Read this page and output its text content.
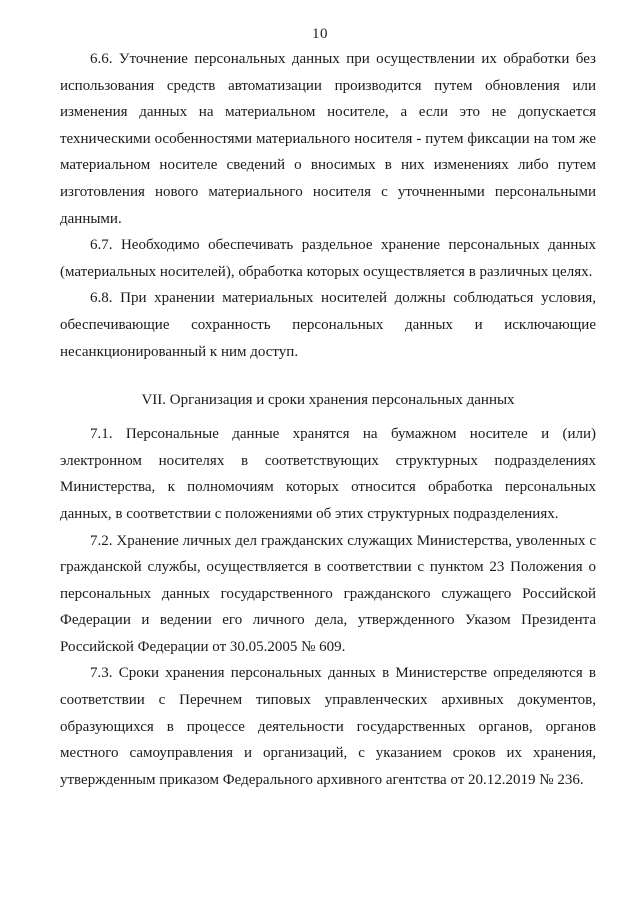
10

6.6. Уточнение персональных данных при осуществлении их обработки без использования средств автоматизации производится путем обновления или изменения данных на материальном носителе, а если это не допускается техническими особенностями материального носителя - путем фиксации на том же материальном носителе сведений о вносимых в них изменениях либо путем изготовления нового материального носителя с уточненными персональными данными.

6.7. Необходимо обеспечивать раздельное хранение персональных данных (материальных носителей), обработка которых осуществляется в различных целях.

6.8. При хранении материальных носителей должны соблюдаться условия, обеспечивающие сохранность персональных данных и исключающие несанкционированный к ним доступ.

VII. Организация и сроки хранения персональных данных

7.1. Персональные данные хранятся на бумажном носителе и (или) электронном носителях в соответствующих структурных подразделениях Министерства, к полномочиям которых относится обработка персональных данных, в соответствии с положениями об этих структурных подразделениях.

7.2. Хранение личных дел гражданских служащих Министерства, уволенных с гражданской службы, осуществляется в соответствии с пунктом 23 Положения о персональных данных государственного гражданского служащего Российской Федерации и ведении его личного дела, утвержденного Указом Президента Российской Федерации от 30.05.2005 № 609.

7.3. Сроки хранения персональных данных в Министерстве определяются в соответствии с Перечнем типовых управленческих архивных документов, образующихся в процессе деятельности государственных органов, органов местного самоуправления и организаций, с указанием сроков их хранения, утвержденным приказом Федерального архивного агентства от 20.12.2019 № 236.
